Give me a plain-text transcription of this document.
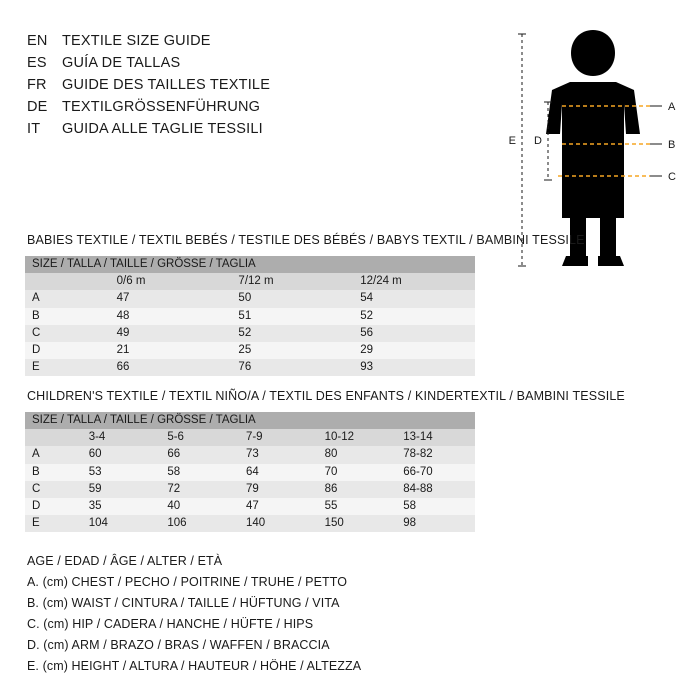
EN TEXTILE SIZE GUIDE
ES	GUÍA DE TALLAS
FR	GUIDE DES TAILLES TEXTILE
DE TEXTILGRÖSSENFÜHRUNG
IT	GUIDA ALLE TAGLIE TESSILI
A
B
C
D
E
BABIES TEXTILE / TEXTIL BEBÉS / TESTILE DES BÉBÉS / BABYS TEXTIL / BAMBINI TESSILE
SIZE / TALLA / TAILLE / GRÖSSE / TAGLIA			
	0/6 m	7/12 m	12/24 m
A	47	50	54
B	48	51	52
C	49	52	56
D	21	25	29
E	66	76	93
CHILDREN'S TEXTILE / TEXTIL NIÑO/A / TEXTIL DES ENFANTS / KINDERTEXTIL / BAMBINI TESSILE
SIZE / TALLA / TAILLE / GRÖSSE / TAGLIA					
	3-4	5-6	7-9	10-12	13-14
A	60	66	73	80	78-82
B	53	58	64	70	66-70
C	59	72	79	86	84-88
D	35	40	47	55	58
E	104	106	140	150	98
AGE / EDAD / ÂGE / ALTER / ETÀ
A. (cm) CHEST / PECHO / POITRINE / TRUHE / PETTO
B. (cm) WAIST / CINTURA / TAILLE / HÜFTUNG / VITA
C. (cm) HIP / CADERA / HANCHE / HÜFTE / HIPS
D. (cm) ARM / BRAZO / BRAS / WAFFEN / BRACCIA
E. (cm) HEIGHT / ALTURA / HAUTEUR / HÖHE / ALTEZZA
